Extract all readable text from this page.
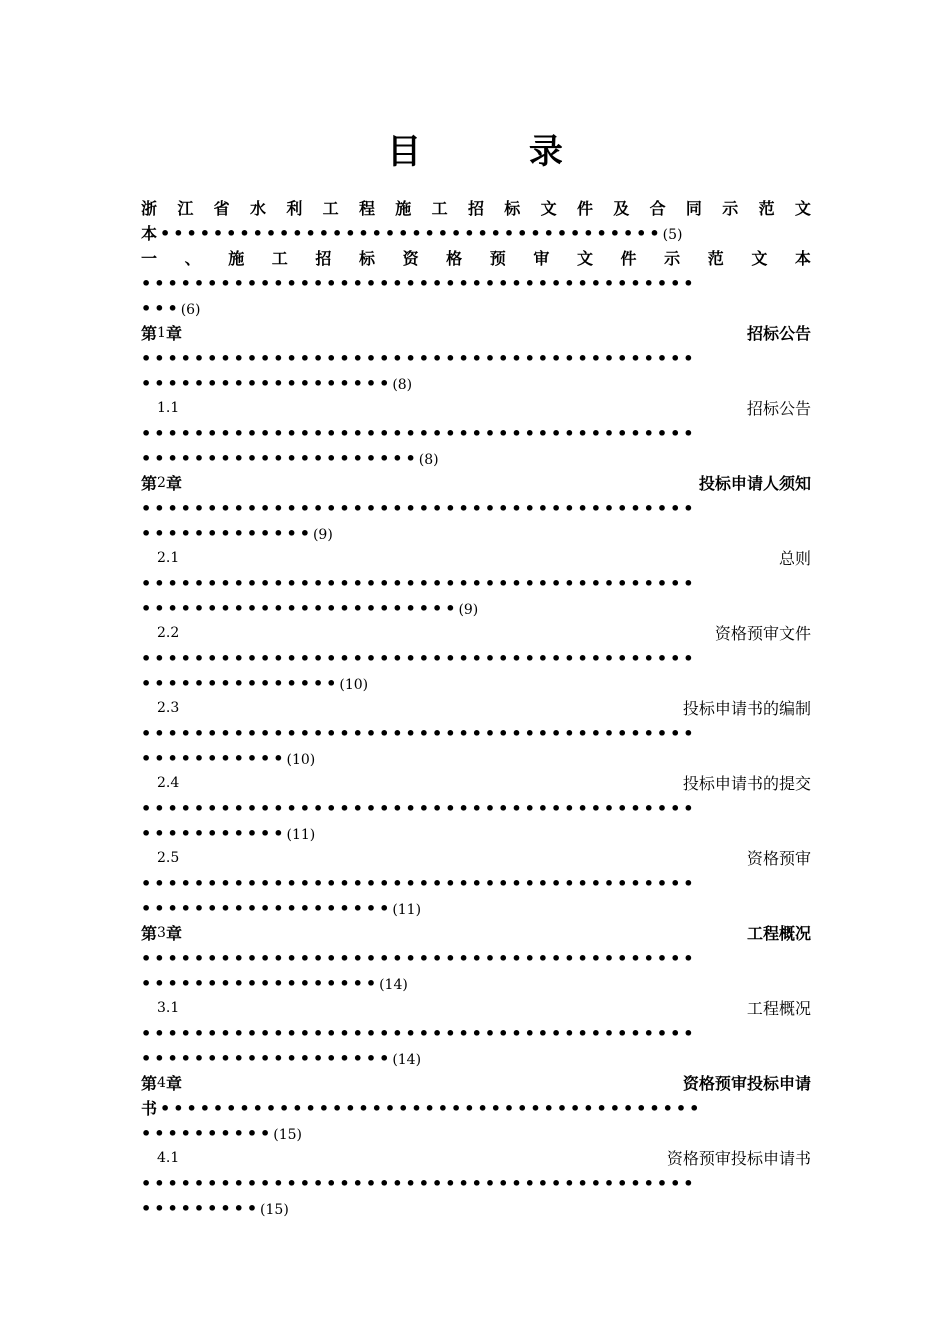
目 录
浙 江 省 水 利 工 程 施 工 招 标 文 件 及 合 同 示 范 文
本••••••••••••••••••••••••••••••••••••••(5)
一 、 施 工 招 标 资 格 预 审 文 件 示 范 文 本
••••••••••••••••••••••••••••••••••••••••••
•••(6)
第 1 章	招 标 公 告
••••••••••••••••••••••••••••••••••••••••••
•••••••••••••••••••(8)
1.1	招 标 公 告
••••••••••••••••••••••••••••••••••••••••••
•••••••••••••••••••••(8)
第 2 章	投 标 申 请 人 须 知
••••••••••••••••••••••••••••••••••••••••••
•••••••••••••(9)
2.1	总 则
••••••••••••••••••••••••••••••••••••••••••
••••••••••••••••••••••••(9)
2.2	资 格 预 审 文 件
••••••••••••••••••••••••••••••••••••••••••
•••••••••••••••(10)
2.3	投 标 申 请 书 的 编 制
••••••••••••••••••••••••••••••••••••••••••
•••••••••••(10)
2.4	投 标 申 请 书 的 提 交
••••••••••••••••••••••••••••••••••••••••••
•••••••••••(11)
2.5	资 格 预 审
••••••••••••••••••••••••••••••••••••••••••
•••••••••••••••••••(11)
第 3 章	工 程 概 况
••••••••••••••••••••••••••••••••••••••••••
••••••••••••••••••(14)
3.1	工 程 概 况
••••••••••••••••••••••••••••••••••••••••••
•••••••••••••••••••(14)
第 4 章	资 格 预 审 投 标 申 请
书•••••••••••••••••••••••••••••••••••••••••
••••••••••(15)
4.1	资 格 预 审 投 标 申 请 书
••••••••••••••••••••••••••••••••••••••••••
•••••••••(15)
